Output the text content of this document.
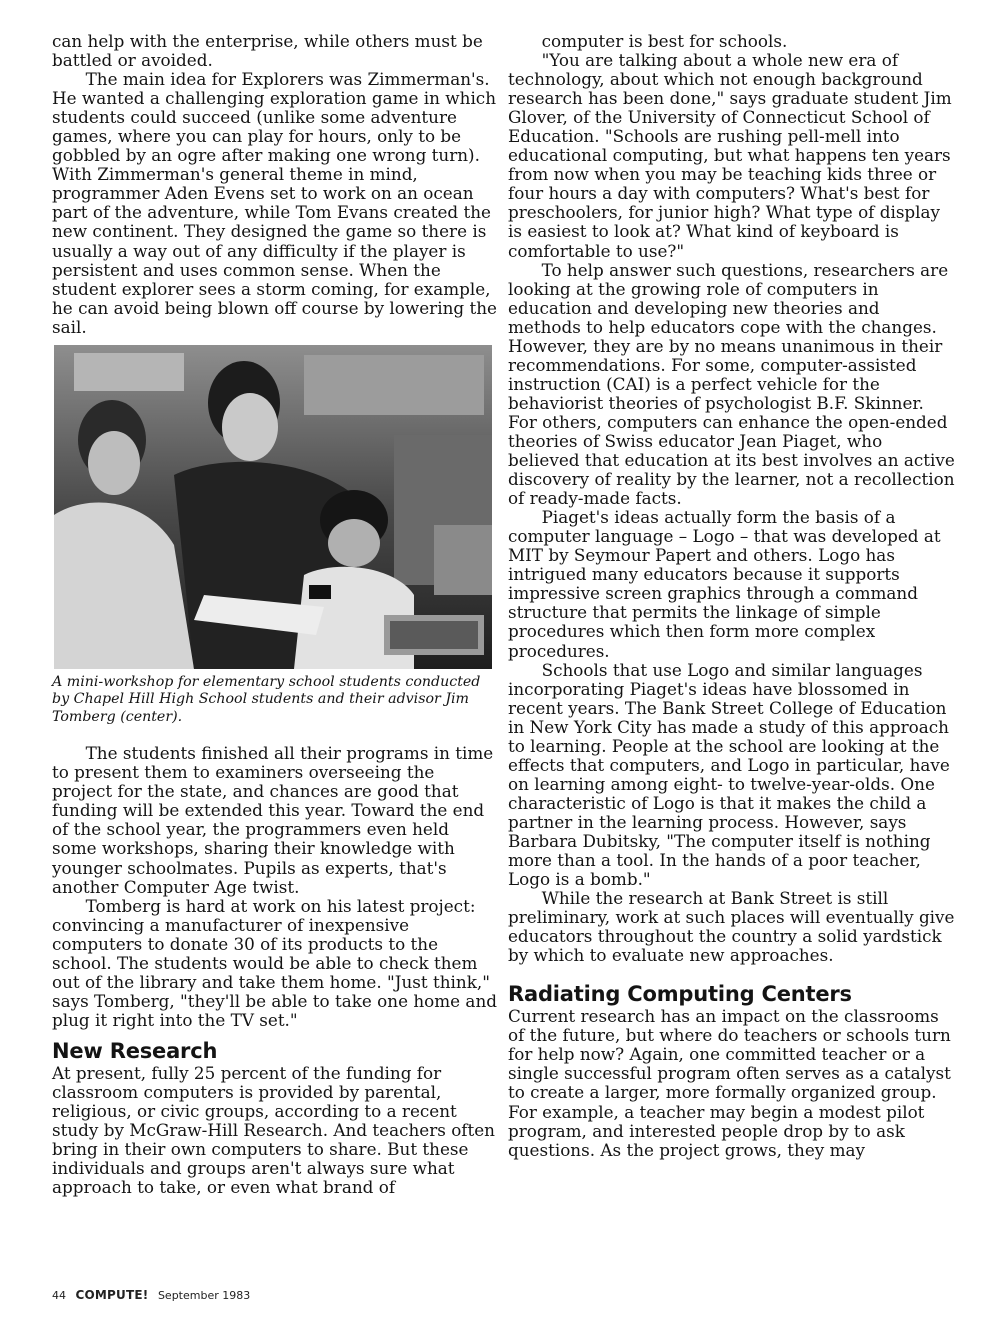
can help with the enterprise, while others must be battled or avoided.

The main idea for Explorers was Zimmerman's. He wanted a challenging exploration game in which students could succeed (unlike some adventure games, where you can play for hours, only to be gobbled by an ogre after making one wrong turn). With Zimmerman's general theme in mind, programmer Aden Evens set to work on an ocean part of the adventure, while Tom Evans created the new continent. They designed the game so there is usually a way out of any difficulty if the player is persistent and uses common sense. When the student explorer sees a storm coming, for example, he can avoid being blown off course by lowering the sail.

A mini-workshop for elementary school students conducted by Chapel Hill High School students and their advisor Jim Tomberg (center).

The students finished all their programs in time to present them to examiners overseeing the project for the state, and chances are good that funding will be extended this year. Toward the end of the school year, the programmers even held some workshops, sharing their knowledge with younger schoolmates. Pupils as experts, that's another Computer Age twist.

Tomberg is hard at work on his latest project: convincing a manufacturer of inexpensive computers to donate 30 of its products to the school. The students would be able to check them out of the library and take them home. "Just think," says Tomberg, "they'll be able to take one home and plug it right into the TV set."

New Research

At present, fully 25 percent of the funding for classroom computers is provided by parental, religious, or civic groups, according to a recent study by McGraw-Hill Research. And teachers often bring in their own computers to share. But these individuals and groups aren't always sure what approach to take, or even what brand of

computer is best for schools.

"You are talking about a whole new era of technology, about which not enough background research has been done," says graduate student Jim Glover, of the University of Connecticut School of Education. "Schools are rushing pell-mell into educational computing, but what happens ten years from now when you may be teaching kids three or four hours a day with computers? What's best for preschoolers, for junior high? What type of display is easiest to look at? What kind of keyboard is comfortable to use?"

To help answer such questions, researchers are looking at the growing role of computers in education and developing new theories and methods to help educators cope with the changes. However, they are by no means unanimous in their recommendations. For some, computer-assisted instruction (CAI) is a perfect vehicle for the behaviorist theories of psychologist B.F. Skinner. For others, computers can enhance the open-ended theories of Swiss educator Jean Piaget, who believed that education at its best involves an active discovery of reality by the learner, not a recollection of ready-made facts.

Piaget's ideas actually form the basis of a computer language – Logo – that was developed at MIT by Seymour Papert and others. Logo has intrigued many educators because it supports impressive screen graphics through a command structure that permits the linkage of simple procedures which then form more complex procedures.

Schools that use Logo and similar languages incorporating Piaget's ideas have blossomed in recent years. The Bank Street College of Education in New York City has made a study of this approach to learning. People at the school are looking at the effects that computers, and Logo in particular, have on learning among eight- to twelve-year-olds. One characteristic of Logo is that it makes the child a partner in the learning process. However, says Barbara Dubitsky, "The computer itself is nothing more than a tool. In the hands of a poor teacher, Logo is a bomb."

While the research at Bank Street is still preliminary, work at such places will eventually give educators throughout the country a solid yardstick by which to evaluate new approaches.

Radiating Computing Centers

Current research has an impact on the classrooms of the future, but where do teachers or schools turn for help now? Again, one committed teacher or a single successful program often serves as a catalyst to create a larger, more formally organized group. For example, a teacher may begin a modest pilot program, and interested people drop by to ask questions. As the project grows, they may

44 COMPUTE! September 1983
